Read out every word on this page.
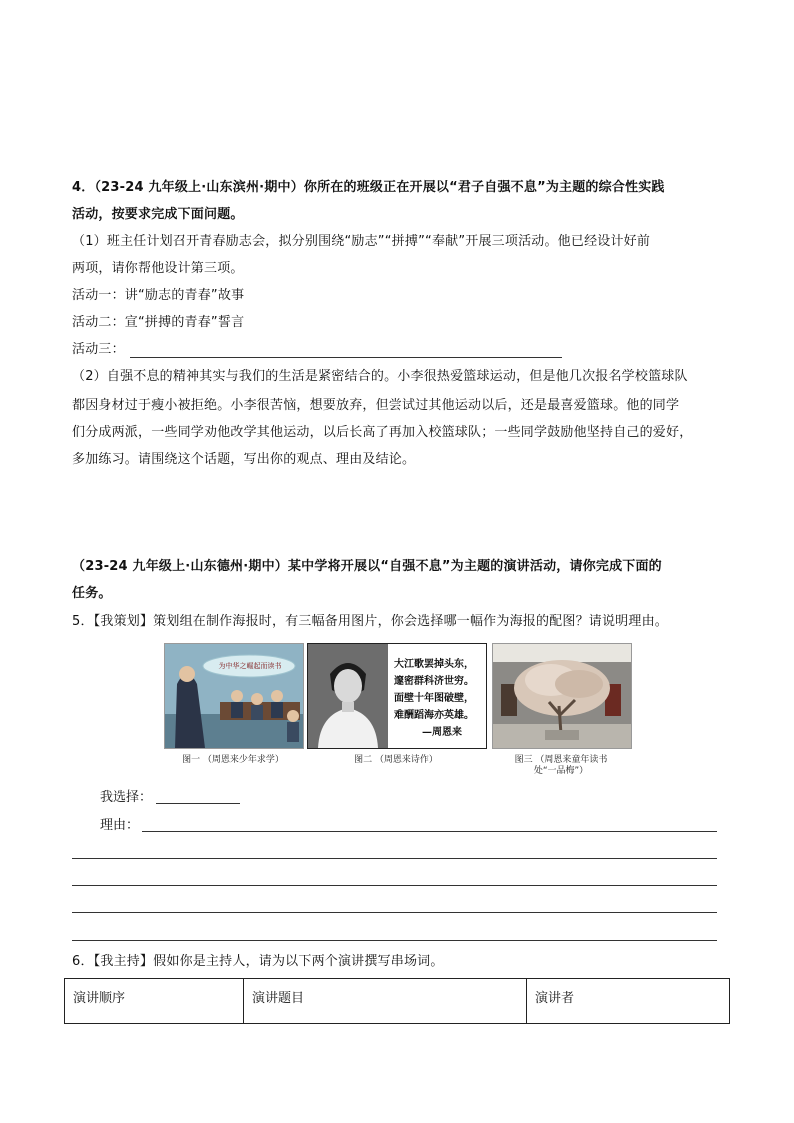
4．（23-24 九年级上·山东滨州·期中）你所在的班级正在开展以“君子自强不息”为主题的综合性实践
活动，按要求完成下面问题。
（1）班主任计划召开青春励志会，拟分别围绕“励志”“拼搏”“奉献”开展三项活动。他已经设计好前
两项，请你帮他设计第三项。
活动一：讲“励志的青春”故事
活动二：宣“拼搏的青春”誓言
活动三：
（2）自强不息的精神其实与我们的生活是紧密结合的。小李很热爱篮球运动，但是他几次报名学校篮球队
都因身材过于瘦小被拒绝。小李很苦恼，想要放弃，但尝试过其他运动以后，还是最喜爱篮球。他的同学
们分成两派，一些同学劝他改学其他运动，以后长高了再加入校篮球队；一些同学鼓励他坚持自己的爱好，
多加练习。请围绕这个话题，写出你的观点、理由及结论。
（23-24 九年级上·山东德州·期中）某中学将开展以“自强不息”为主题的演讲活动，请你完成下面的
任务。
5．【我策划】策划组在制作海报时，有三幅备用图片，你会选择哪一幅作为海报的配图？请说明理由。
为中华之崛起而读书
图一 （周恩来少年求学）
大江歌罢掉头东，
邃密群科济世穷。
面壁十年图破壁，
难酬蹈海亦英雄。
—周恩来
图二 （周恩来诗作）	图三 （周恩来童年读书
处“一品梅”）
我选择：
理由：
6．【我主持】假如你是主持人，请为以下两个演讲撰写串场词。
演讲顺序	演讲题目	演讲者
